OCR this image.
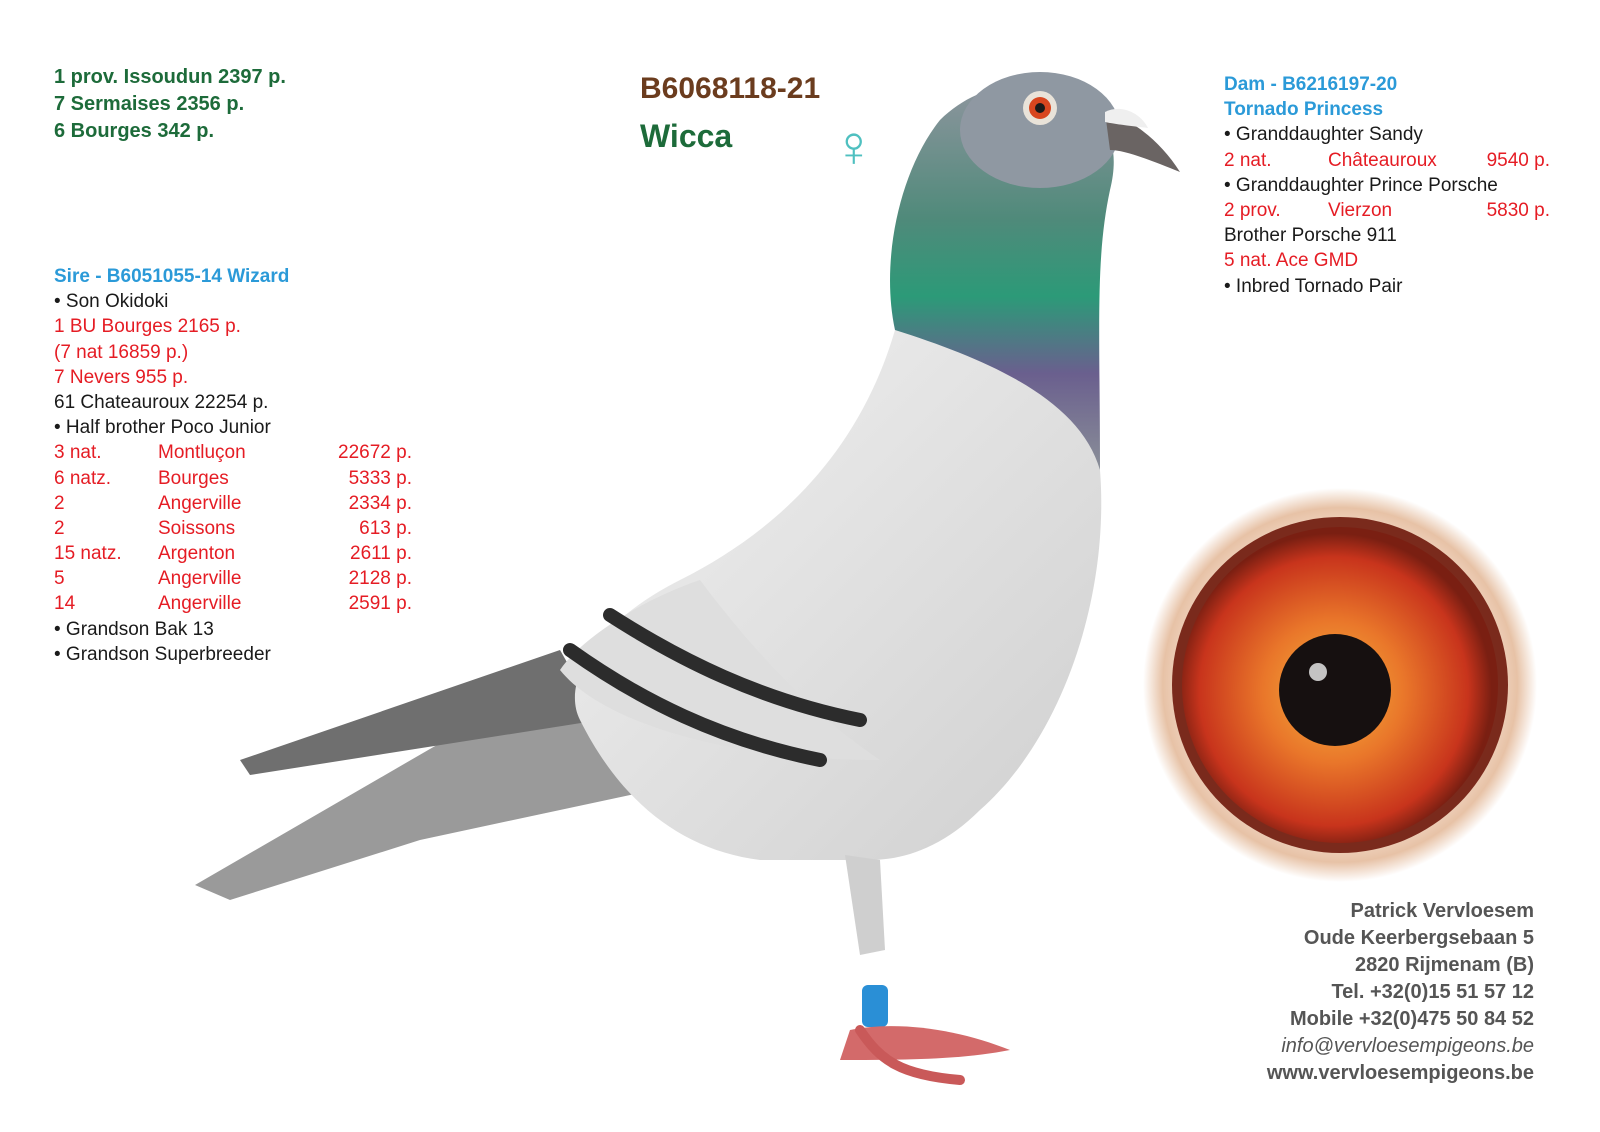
1 prov. Issoudun 2397 p.
7 Sermaises 2356 p.
6 Bourges 342 p.
B6068118-21
Wicca ♀
Sire - B6051055-14 Wizard
• Son Okidoki
1 BU Bourges 2165 p.
(7 nat 16859 p.)
7 Nevers 955 p.
61 Chateauroux 22254 p.
• Half brother Poco Junior
3 nat.	Montluçon	22672 p.
6 natz.	Bourges	5333 p.
2	Angerville	2334 p.
2	Soissons	613 p.
15 natz.	Argenton	2611 p.
5	Angerville	2128 p.
14	Angerville	2591 p.
• Grandson Bak 13
• Grandson Superbreeder
Dam - B6216197-20
Tornado Princess
• Granddaughter Sandy
2 nat.	Châteauroux	9540 p.
• Granddaughter Prince Porsche
2 prov.	Vierzon	5830 p.
Brother Porsche 911
5 nat. Ace GMD
• Inbred Tornado Pair
Patrick Vervloesem
Oude Keerbergsebaan 5
2820 Rijmenam (B)
Tel. +32(0)15 51 57 12
Mobile +32(0)475 50 84 52
info@vervloesempigeons.be
www.vervloesempigeons.be
